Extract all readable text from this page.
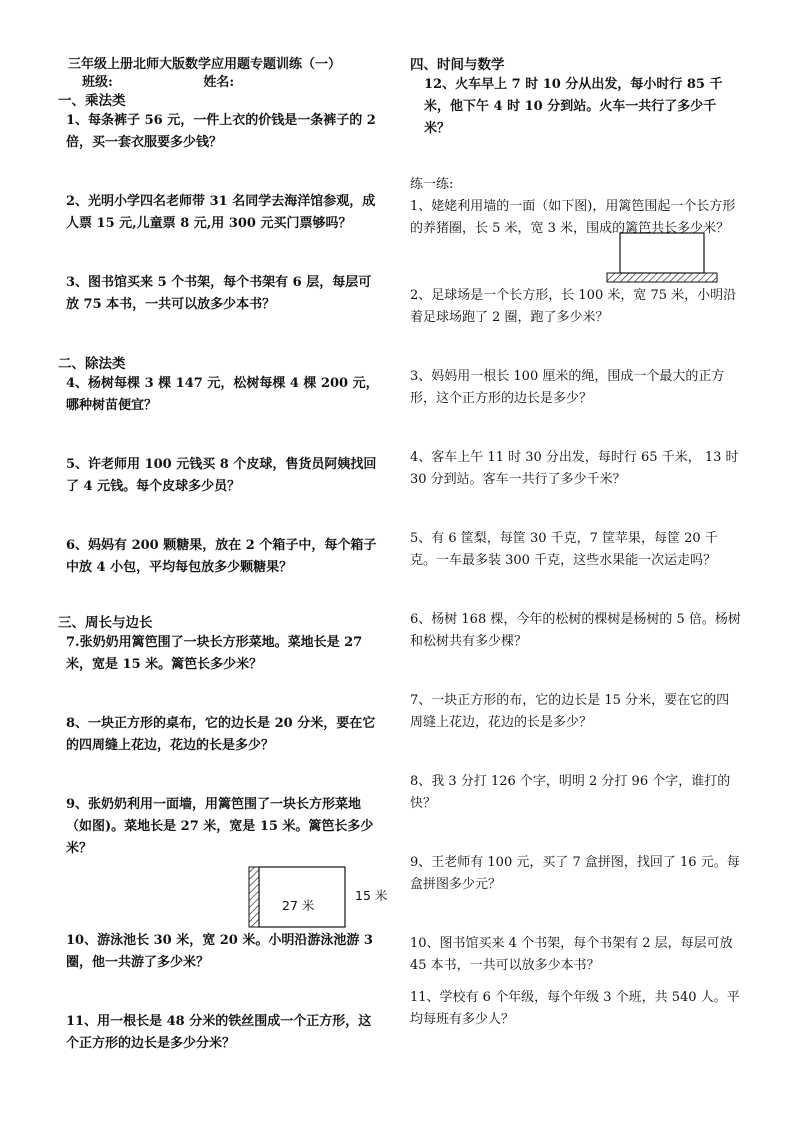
三年级上册北师大版数学应用题专题训练（一）

班级:	姓名:

一、乘法类

1、每条裤子 56 元，一件上衣的价钱是一条裤子的 2 倍，买一套衣服要多少钱？

2、光明小学四名老师带 31 名同学去海洋馆参观，成人票 15 元,儿童票 8 元,用 300 元买门票够吗？

3、图书馆买来 5 个书架，每个书架有 6 层，每层可放 75 本书，一共可以放多少本书？

二、除法类

4、杨树每棵 3 棵 147 元，松树每棵 4 棵 200 元，哪种树苗便宜？

5、许老师用 100 元钱买 8 个皮球，售货员阿姨找回了 4 元钱。每个皮球多少员？

6、妈妈有 200 颗糖果，放在 2 个箱子中，每个箱子中放 4 小包，平均每包放多少颗糖果？

三、周长与边长

7.张奶奶用篱笆围了一块长方形菜地。菜地长是 27 米，宽是 15 米。篱笆长多少米？

8、一块正方形的桌布，它的边长是 20 分米，要在它的四周缝上花边，花边的长是多少？

9、张奶奶利用一面墙，用篱笆围了一块长方形菜地（如图)。菜地长是 27 米，宽是 15 米。篱笆长多少米？

27 米
15 米

10、游泳池长 30 米，宽 20 米。小明沿游泳池游 3 圈，他一共游了多少米？

11、用一根长是 48 分米的铁丝围成一个正方形，这个正方形的边长是多少分米？

四、时间与数学

12、火车早上 7 时 10 分从出发，每小时行 85 千米，他下午 4 时 10 分到站。火车一共行了多少千米？

练一练:

1、姥姥利用墙的一面（如下图)，用篱笆围起一个长方形的养猪圈，长 5 米，宽 3 米，围成的篱笆共长多少米？

2、足球场是一个长方形，长 100 米，宽 75 米，小明沿着足球场跑了 2 圈，跑了多少米？

3、妈妈用一根长 100 厘米的绳，围成一个最大的正方形，这个正方形的边长是多少？

4、客车上午 11 时 30 分出发，每时行 65 千米， 13 时 30 分到站。客车一共行了多少千米？

5、有 6 筐梨，每筐 30 千克，7 筐苹果，每筐 20 千克。一车最多装 300 千克，这些水果能一次运走吗？

6、杨树 168 棵，今年的松树的棵树是杨树的 5 倍。杨树和松树共有多少棵？

7、一块正方形的布，它的边长是 15 分米，要在它的四周缝上花边，花边的长是多少？

8、我 3 分打 126 个字，明明 2 分打 96 个字，谁打的快？

9、王老师有 100 元，买了 7 盒拼图，找回了 16 元。每盒拼图多少元？

10、图书馆买来 4 个书架，每个书架有 2 层，每层可放 45 本书，一共可以放多少本书？

11、学校有 6 个年级，每个年级 3 个班，共 540 人。平均每班有多少人？
